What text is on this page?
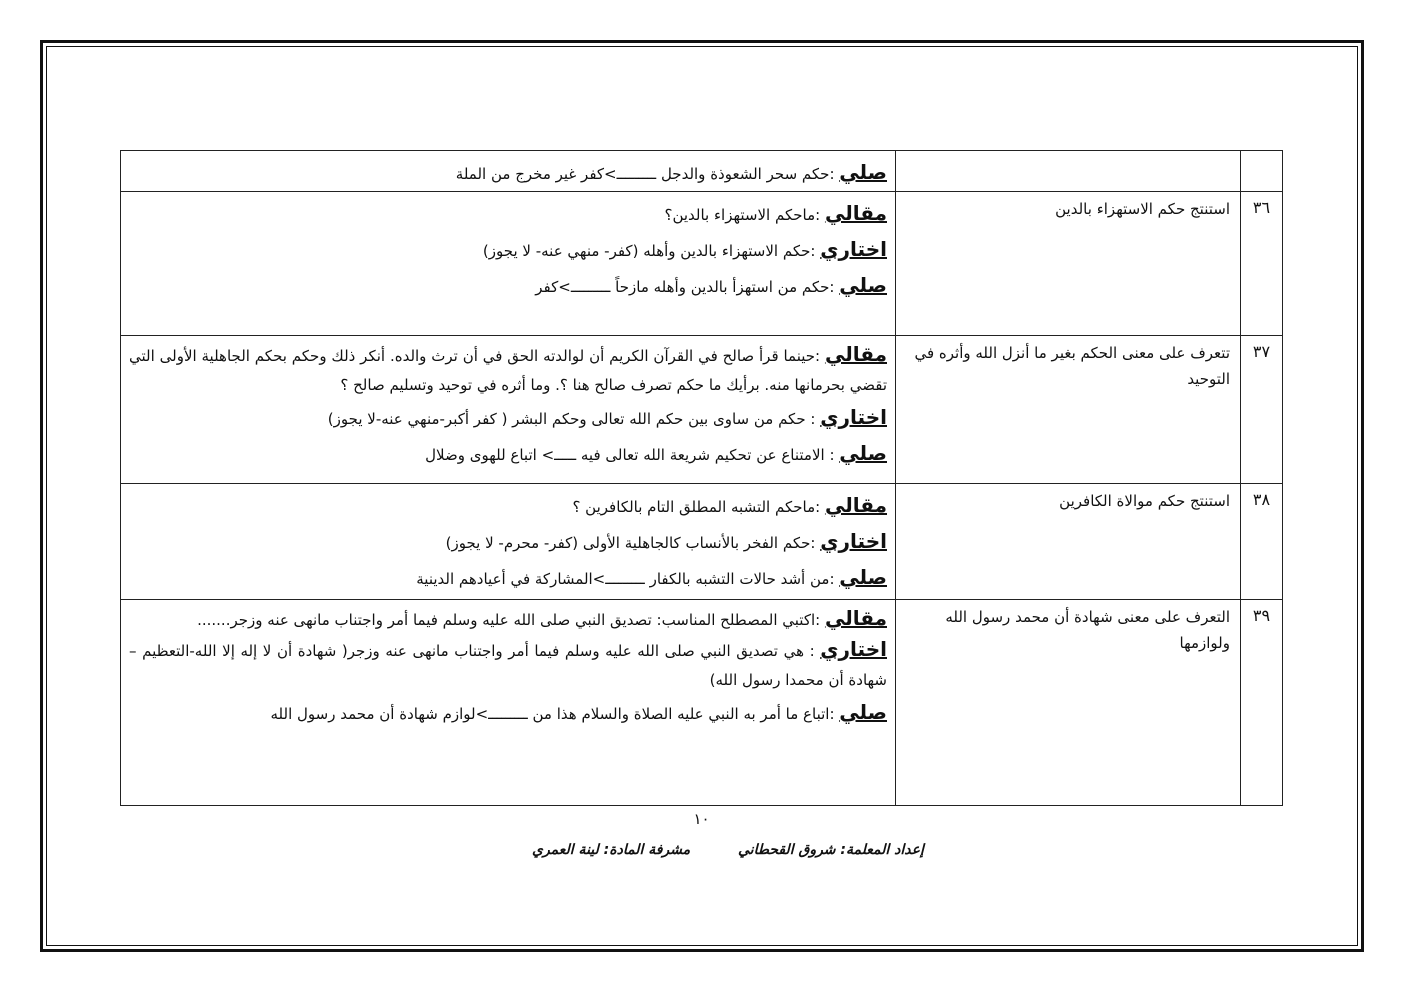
		صلي :حكم سحر الشعوذة والدجل ـــــــــ>كفر غير مخرج من الملة

٣٦	استنتج حكم الاستهزاء بالدين	مقالي :ماحكم الاستهزاء بالدين؟
اختاري :حكم الاستهزاء بالدين وأهله (كفر- منهي عنه- لا يجوز)
صلي :حكم من استهزأ بالدين وأهله مازحاً ـــــــــ>كفر

٣٧	تتعرف على معنى الحكم بغير ما أنزل الله وأثره في التوحيد	مقالي :حينما قرأ صالح في القرآن الكريم أن لوالدته الحق في أن ترث والده. أنكر ذلك وحكم بحكم الجاهلية الأولى التي تقضي بحرمانها منه. برأيك ما حكم تصرف صالح هنا ؟. وما أثره في توحيد وتسليم صالح ؟
اختاري : حكم من ساوى بين حكم الله تعالى وحكم البشر ( كفر أكبر-منهي عنه-لا يجوز)
صلي : الامتناع عن تحكيم شريعة الله تعالى فيه ـــــ> اتباع للهوى وضلال

٣٨	استنتج حكم موالاة الكافرين	مقالي :ماحكم التشبه المطلق التام بالكافرين ؟
اختاري :حكم الفخر بالأنساب كالجاهلية الأولى (كفر- محرم- لا يجوز)
صلي :من أشد حالات التشبه بالكفار ـــــــــ>المشاركة في أعيادهم الدينية

٣٩	التعرف على معنى شهادة أن محمد رسول الله ولوازمها	مقالي :اكتبي المصطلح المناسب: تصديق النبي صلى الله عليه وسلم فيما أمر واجتناب مانهى عنه وزجر.......
اختاري : هي تصديق النبي صلى الله عليه وسلم فيما أمر واجتناب مانهى عنه وزجر( شهادة أن لا إله إلا الله-التعظيم – شهادة أن محمدا رسول الله)
صلي :اتباع ما أمر به النبي عليه الصلاة والسلام هذا من ـــــــــ>لوازم شهادة أن محمد رسول الله
١٠
إعداد المعلمة: شروق القحطاني
مشرفة المادة: لينة العمري
